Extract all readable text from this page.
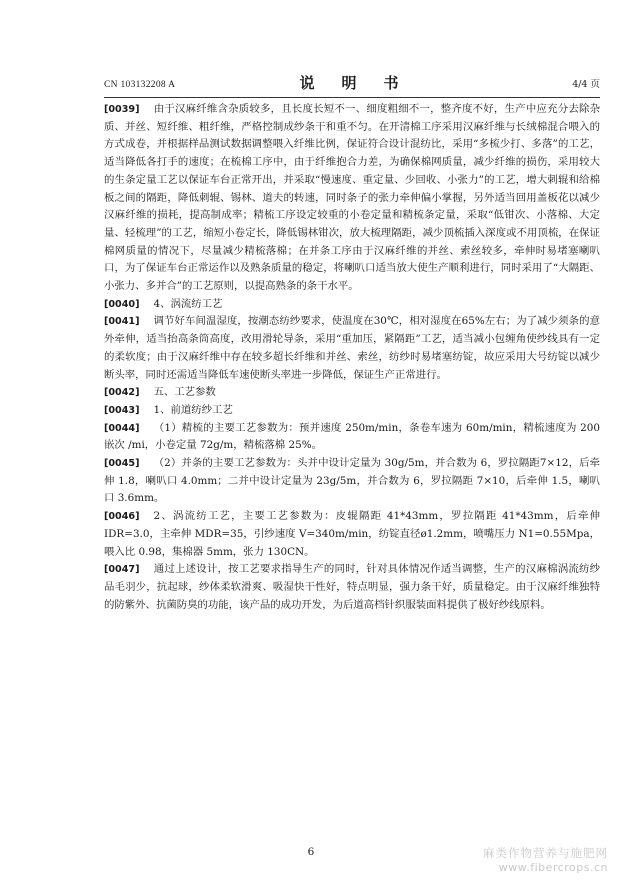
CN 103132208 A	说　明　书	4/4 页

[0039] 由于汉麻纤维含杂质较多，且长度长短不一、细度粗细不一，整齐度不好，生产中应充分去除杂质、并丝、短纤维、粗纤维，严格控制成纱条干和重不匀。在开清棉工序采用汉麻纤维与长绒棉混合喂入的方式成卷，并根据样品测试数据调整喂入纤维比例，保证符合设计混纺比，采用“多梳少打、多落”的工艺，适当降低各打手的速度；在梳棉工序中，由于纤维抱合力差，为确保棉网质量，减少纤维的损伤，采用较大的生条定量工艺以保证车台正常开出，并采取“慢速度、重定量、少回收、小张力”的工艺，增大刺辊和给棉板之间的隔距，降低刺辊、锡林、道夫的转速，同时条子的张力牵伸偏小掌握，另外适当回用盖板花以减少汉麻纤维的损耗，提高制成率；精梳工序设定较重的小卷定量和精梳条定量，采取“低钳次、小落棉、大定量、轻梳理”的工艺，缩短小卷定长，降低锡林钳次，放大梳理隔距，减少顶梳插入深度或不用顶梳，在保证棉网质量的情况下，尽量减少精梳落棉；在并条工序由于汉麻纤维的并丝、索丝较多，牵伸时易堵塞喇叭口，为了保证车台正常运作以及熟条质量的稳定，将喇叭口适当放大使生产顺利进行，同时采用了“大隔距、小张力、多并合”的工艺原则，以提高熟条的条干水平。

[0040] 4、涡流纺工艺

[0041] 调节好车间温湿度，按潮态纺纱要求，使温度在30℃，相对湿度在65%左右；为了减少须条的意外牵伸，适当抬高条筒高度，改用滑轮导条，采用“重加压，紧隔距”工艺，适当减小包缠角使纱线具有一定的柔软度；由于汉麻纤维中存在较多超长纤维和并丝、索丝，纺纱时易堵塞纺锭，故应采用大号纺锭以减少断头率，同时还需适当降低车速使断头率进一步降低，保证生产正常进行。

[0042] 五、工艺参数

[0043] 1、前道纺纱工艺

[0044] （1）精梳的主要工艺参数为：预并速度 250m/min，条卷车速为 60m/min，精梳速度为 200 嵌次 /mi，小卷定量 72g/m，精梳落棉 25%。

[0045] （2）并条的主要工艺参数为：头并中设计定量为 30g/5m，并合数为 6，罗拉隔距7×12，后牵伸 1.8，喇叭口 4.0mm；二并中设计定量为 23g/5m，并合数为 6，罗拉隔距 7×10，后牵伸 1.5，喇叭口 3.6mm。

[0046] 2、涡流纺工艺，主要工艺参数为：皮辊隔距 41*43mm，罗拉隔距 41*43mm，后牵伸 IDR=3.0，主牵伸 MDR=35，引纱速度 V=340m/min，纺锭直径ø1.2mm，喷嘴压力 N1=0.55Mpa，喂入比 0.98，集棉器 5mm，张力 130CN。

[0047] 通过上述设计，按工艺要求指导生产的同时，针对具体情况作适当调整，生产的汉麻棉涡流纺纱品毛羽少，抗起球，纱体柔软滑爽、吸湿快干性好，特点明显，强力条干好，质量稳定。由于汉麻纤维独特的防紫外、抗菌防臭的功能，该产品的成功开发，为后道高档针织服装面料提供了极好纱线原料。

6	麻类作物营养与施肥网
www.fibercrops.cn
